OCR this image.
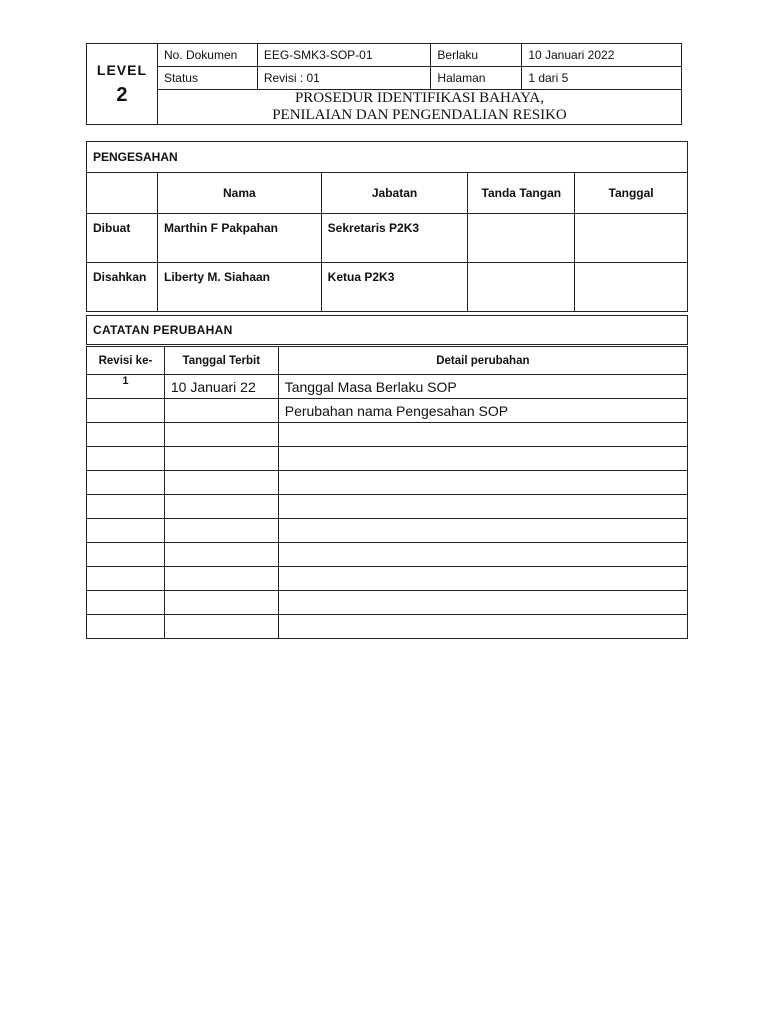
LEVEL
2	No. Dokumen	EEG-SMK3-SOP-01	Berlaku	10 Januari 2022
	Status	Revisi : 01	Halaman	1 dari 5

	PROSEDUR IDENTIFIKASI BAHAYA,
PENILAIAN DAN PENGENDALIAN RESIKO			
PENGESAHAN				
	Nama	Jabatan	Tanda Tangan	Tanggal
Dibuat	Marthin F Pakpahan	Sekretaris P2K3		
Disahkan	Liberty M. Siahaan	Ketua P2K3		
CATATAN PERUBAHAN		
Revisi ke-	Tanggal Terbit	Detail perubahan
1	10 Januari 22	Tanggal Masa Berlaku SOP
		Perubahan nama Pengesahan SOP
